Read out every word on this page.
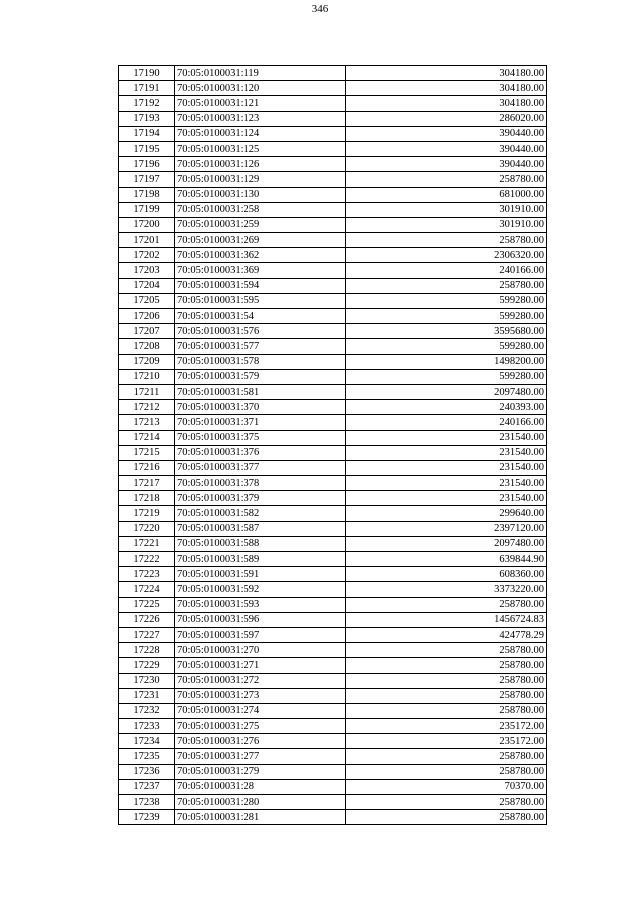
346
17190	70:05:0100031:119	304180.00
17191	70:05:0100031:120	304180.00
17192	70:05:0100031:121	304180.00
17193	70:05:0100031:123	286020.00
17194	70:05:0100031:124	390440.00
17195	70:05:0100031:125	390440.00
17196	70:05:0100031:126	390440.00
17197	70:05:0100031:129	258780.00
17198	70:05:0100031:130	681000.00
17199	70:05:0100031:258	301910.00
17200	70:05:0100031:259	301910.00
17201	70:05:0100031:269	258780.00
17202	70:05:0100031:362	2306320.00
17203	70:05:0100031:369	240166.00
17204	70:05:0100031:594	258780.00
17205	70:05:0100031:595	599280.00
17206	70:05:0100031:54	599280.00
17207	70:05:0100031:576	3595680.00
17208	70:05:0100031:577	599280.00
17209	70:05:0100031:578	1498200.00
17210	70:05:0100031:579	599280.00
17211	70:05:0100031:581	2097480.00
17212	70:05:0100031:370	240393.00
17213	70:05:0100031:371	240166.00
17214	70:05:0100031:375	231540.00
17215	70:05:0100031:376	231540.00
17216	70:05:0100031:377	231540.00
17217	70:05:0100031:378	231540.00
17218	70:05:0100031:379	231540.00
17219	70:05:0100031:582	299640.00
17220	70:05:0100031:587	2397120.00
17221	70:05:0100031:588	2097480.00
17222	70:05:0100031:589	639844.90
17223	70:05:0100031:591	608360.00
17224	70:05:0100031:592	3373220.00
17225	70:05:0100031:593	258780.00
17226	70:05:0100031:596	1456724.83
17227	70:05:0100031:597	424778.29
17228	70:05:0100031:270	258780.00
17229	70:05:0100031:271	258780.00
17230	70:05:0100031:272	258780.00
17231	70:05:0100031:273	258780.00
17232	70:05:0100031:274	258780.00
17233	70:05:0100031:275	235172.00
17234	70:05:0100031:276	235172.00
17235	70:05:0100031:277	258780.00
17236	70:05:0100031:279	258780.00
17237	70:05:0100031:28	70370.00
17238	70:05:0100031:280	258780.00
17239	70:05:0100031:281	258780.00
